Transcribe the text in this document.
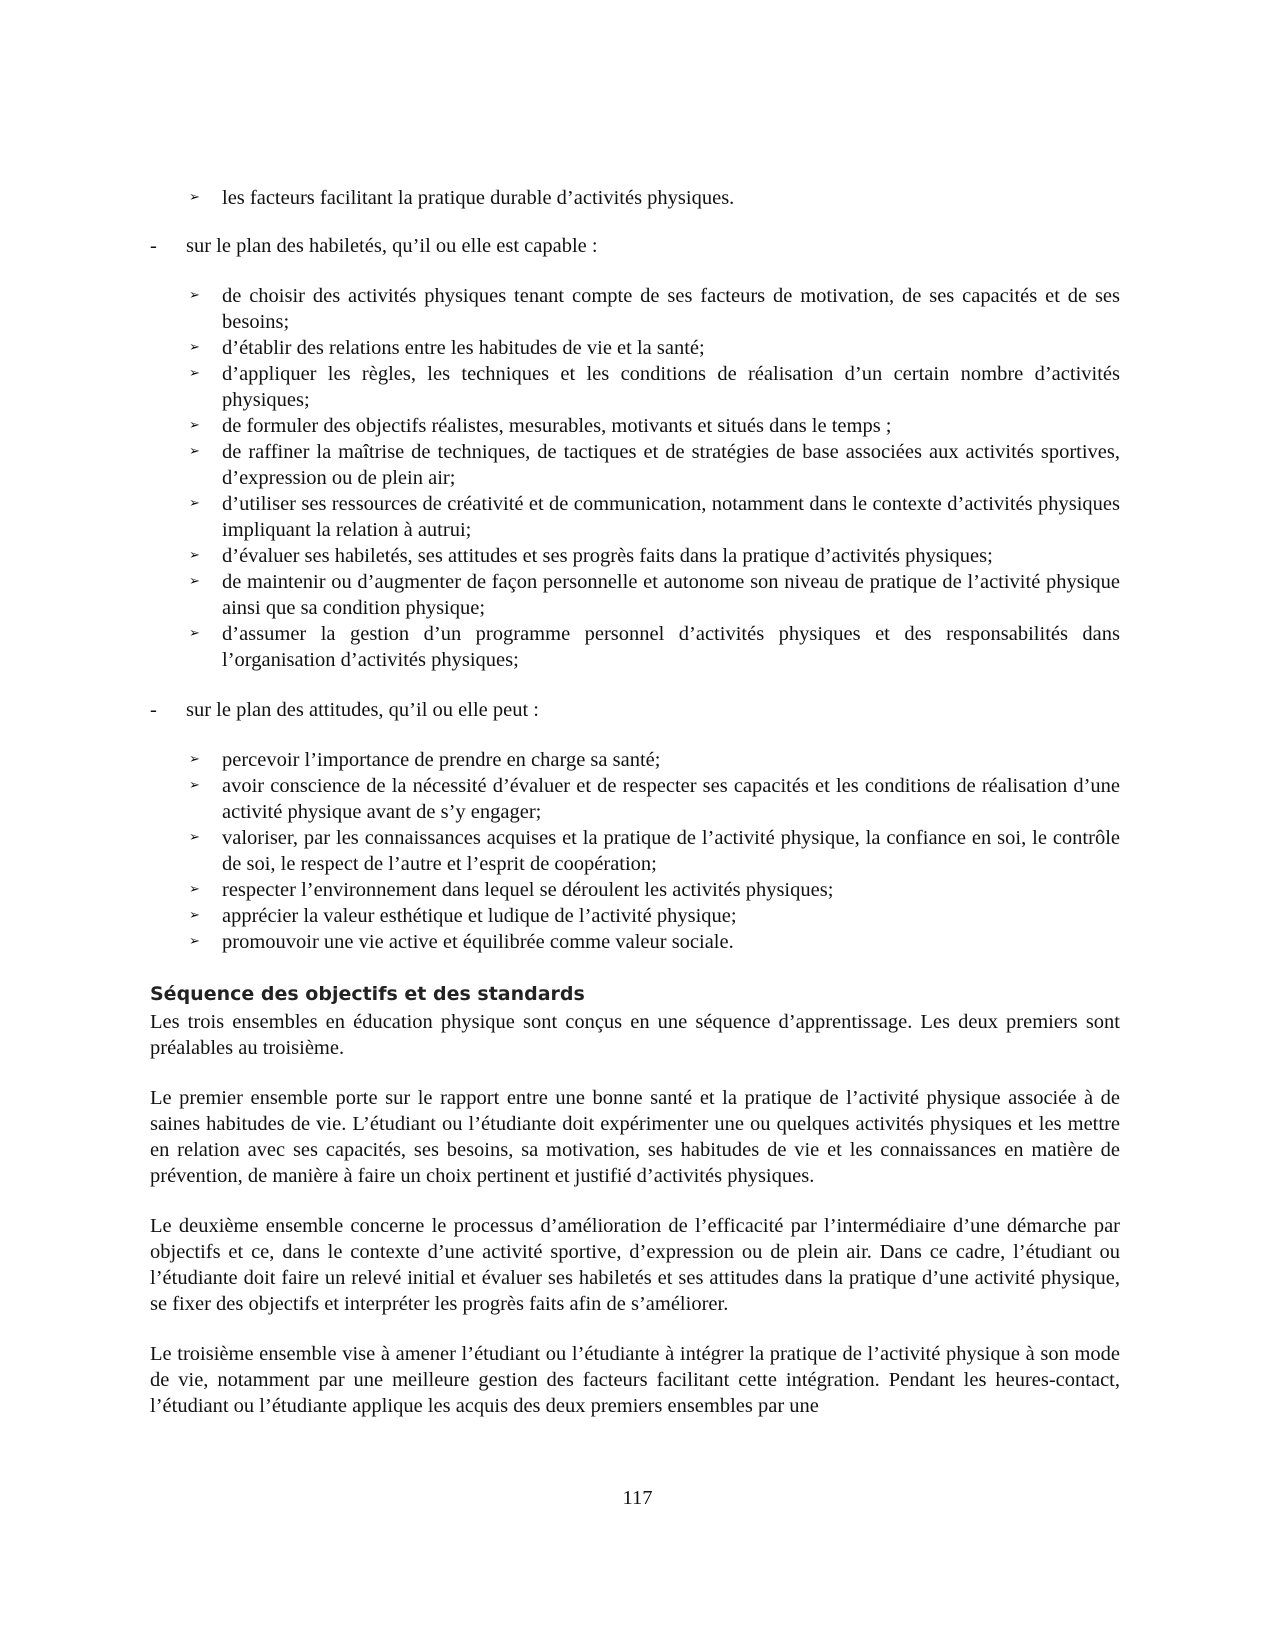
➢ les facteurs facilitant la pratique durable d’activités physiques.
- sur le plan des habiletés, qu’il ou elle est capable :
➢ de choisir des activités physiques tenant compte de ses facteurs de motivation, de ses capacités et de ses besoins;
➢ d’établir des relations entre les habitudes de vie et la santé;
➢ d’appliquer les règles, les techniques et les conditions de réalisation d’un certain nombre d’activités physiques;
➢ de formuler des objectifs réalistes, mesurables, motivants et situés dans le temps ;
➢ de raffiner la maîtrise de techniques, de tactiques et de stratégies de base associées aux activités sportives, d’expression ou de plein air;
➢ d’utiliser ses ressources de créativité et de communication, notamment dans le contexte d’activités physiques impliquant la relation à autrui;
➢ d’évaluer ses habiletés, ses attitudes et ses progrès faits dans la pratique d’activités physiques;
➢ de maintenir ou d’augmenter de façon personnelle et autonome son niveau de pratique de l’activité physique ainsi que sa condition physique;
➢ d’assumer la gestion d’un programme personnel d’activités physiques et des responsabilités dans l’organisation d’activités physiques;
- sur le plan des attitudes, qu’il ou elle peut :
➢ percevoir l’importance de prendre en charge sa santé;
➢ avoir conscience de la nécessité d’évaluer et de respecter ses capacités et les conditions de réalisation d’une activité physique avant de s’y engager;
➢ valoriser, par les connaissances acquises et la pratique de l’activité physique, la confiance en soi, le contrôle de soi, le respect de l’autre et l’esprit de coopération;
➢ respecter l’environnement dans lequel se déroulent les activités physiques;
➢ apprécier la valeur esthétique et ludique de l’activité physique;
➢ promouvoir une vie active et équilibrée comme valeur sociale.
Séquence des objectifs et des standards

Les trois ensembles en éducation physique sont conçus en une séquence d’apprentissage. Les deux premiers sont préalables au troisième.

Le premier ensemble porte sur le rapport entre une bonne santé et la pratique de l’activité physique associée à de saines habitudes de vie. L’étudiant ou l’étudiante doit expérimenter une ou quelques activités physiques et les mettre en relation avec ses capacités, ses besoins, sa motivation, ses habitudes de vie et les connaissances en matière de prévention, de manière à faire un choix pertinent et justifié d’activités physiques.

Le deuxième ensemble concerne le processus d’amélioration de l’efficacité par l’intermédiaire d’une démarche par objectifs et ce, dans le contexte d’une activité sportive, d’expression ou de plein air. Dans ce cadre, l’étudiant ou l’étudiante doit faire un relevé initial et évaluer ses habiletés et ses attitudes dans la pratique d’une activité physique, se fixer des objectifs et interpréter les progrès faits afin de s’améliorer.

Le troisième ensemble vise à amener l’étudiant ou l’étudiante à intégrer la pratique de l’activité physique à son mode de vie, notamment par une meilleure gestion des facteurs facilitant cette intégration. Pendant les heures-contact, l’étudiant ou l’étudiante applique les acquis des deux premiers ensembles par une

117
